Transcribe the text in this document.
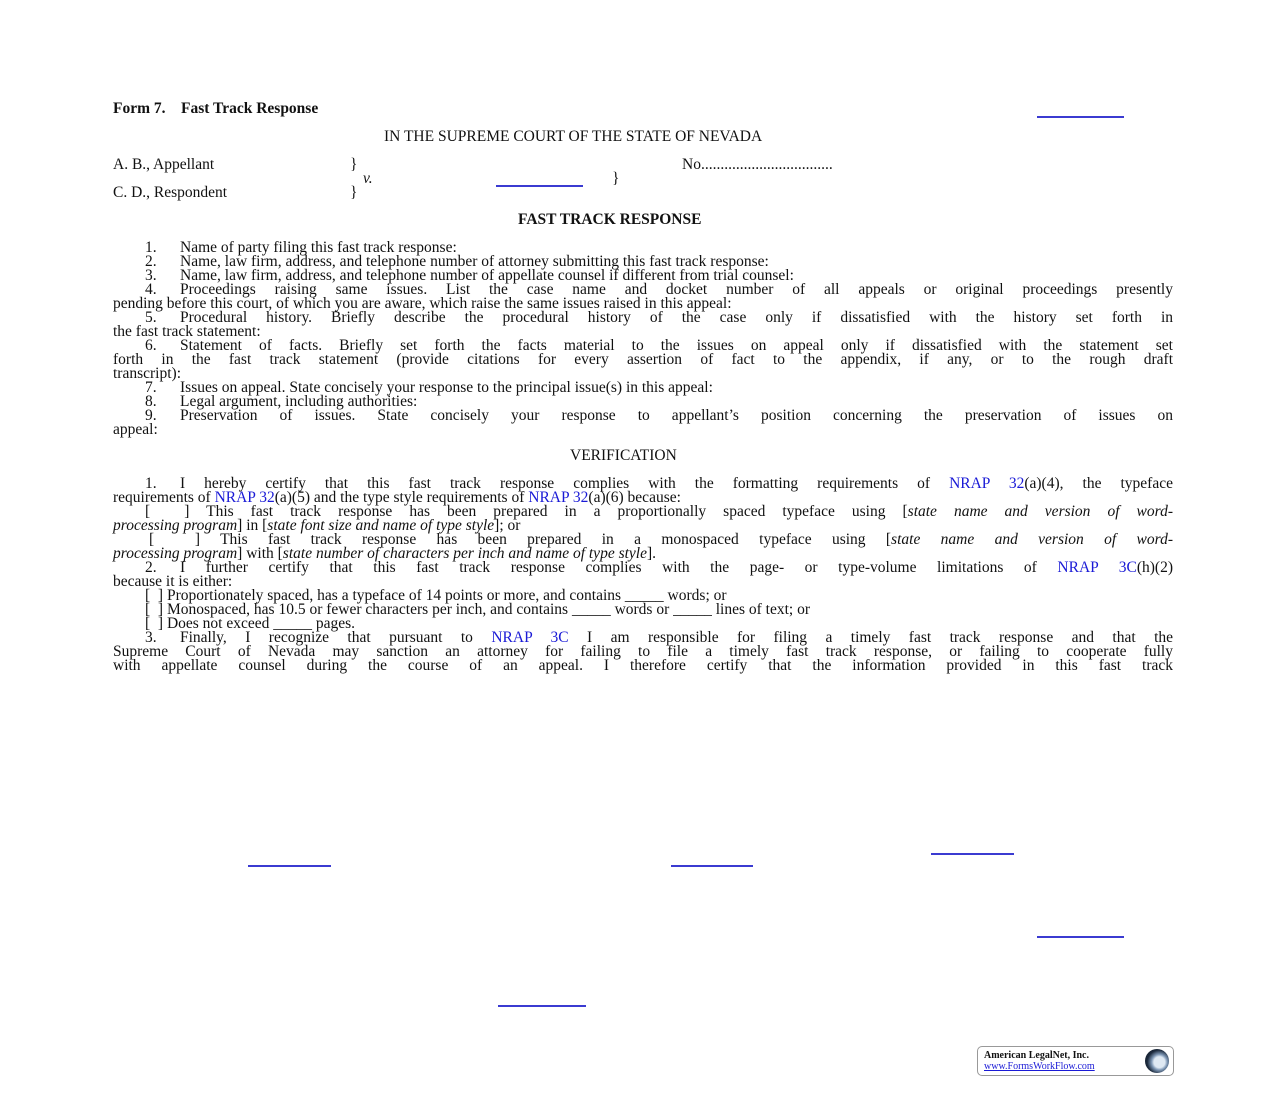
Form 7.    Fast Track Response
IN THE SUPREME COURT OF THE STATE OF NEVADA
A. B., Appellant	}	No..................................
v.	}
C. D., Respondent	}
FAST TRACK RESPONSE
1. Name of party filing this fast track response:
2. Name, law firm, address, and telephone number of attorney submitting this fast track response:
3. Name, law firm, address, and telephone number of appellate counsel if different from trial counsel:
4. Proceedings raising same issues. List the case name and docket number of all appeals or original proceedings presently
pending before this court, of which you are aware, which raise the same issues raised in this appeal:
5. Procedural history. Briefly describe the procedural history of the case only if dissatisfied with the history set forth in
the fast track statement:
6. Statement of facts. Briefly set forth the facts material to the issues on appeal only if dissatisfied with the statement set
forth in the fast track statement (provide citations for every assertion of fact to the appendix, if any, or to the rough draft
transcript):
7. Issues on appeal. State concisely your response to the principal issue(s) in this appeal:
8. Legal argument, including authorities:
9. Preservation of issues. State concisely your response to appellant’s position concerning the preservation of issues on
appeal:
VERIFICATION
1. I hereby certify that this fast track response complies with the formatting requirements of NRAP 32(a)(4), the typeface
requirements of NRAP 32(a)(5) and the type style requirements of NRAP 32(a)(6) because:
[  ] This fast track response has been prepared in a proportionally spaced typeface using [state name and version of word-
processing program] in [state font size and name of type style]; or
[  ] This fast track response has been prepared in a monospaced typeface using [state name and version of word-
processing program] with [state number of characters per inch and name of type style].
2. I further certify that this fast track response complies with the page- or type-volume limitations of NRAP 3C(h)(2)
because it is either:
[  ] Proportionately spaced, has a typeface of 14 points or more, and contains _____ words; or
[  ] Monospaced, has 10.5 or fewer characters per inch, and contains _____ words or _____ lines of text; or
[  ] Does not exceed _____ pages.
3. Finally, I recognize that pursuant to NRAP 3C I am responsible for filing a timely fast track response and that the
Supreme Court of Nevada may sanction an attorney for failing to file a timely fast track response, or failing to cooperate fully
with appellate counsel during the course of an appeal. I therefore certify that the information provided in this fast track
American LegalNet, Inc.
www.FormsWorkFlow.com
